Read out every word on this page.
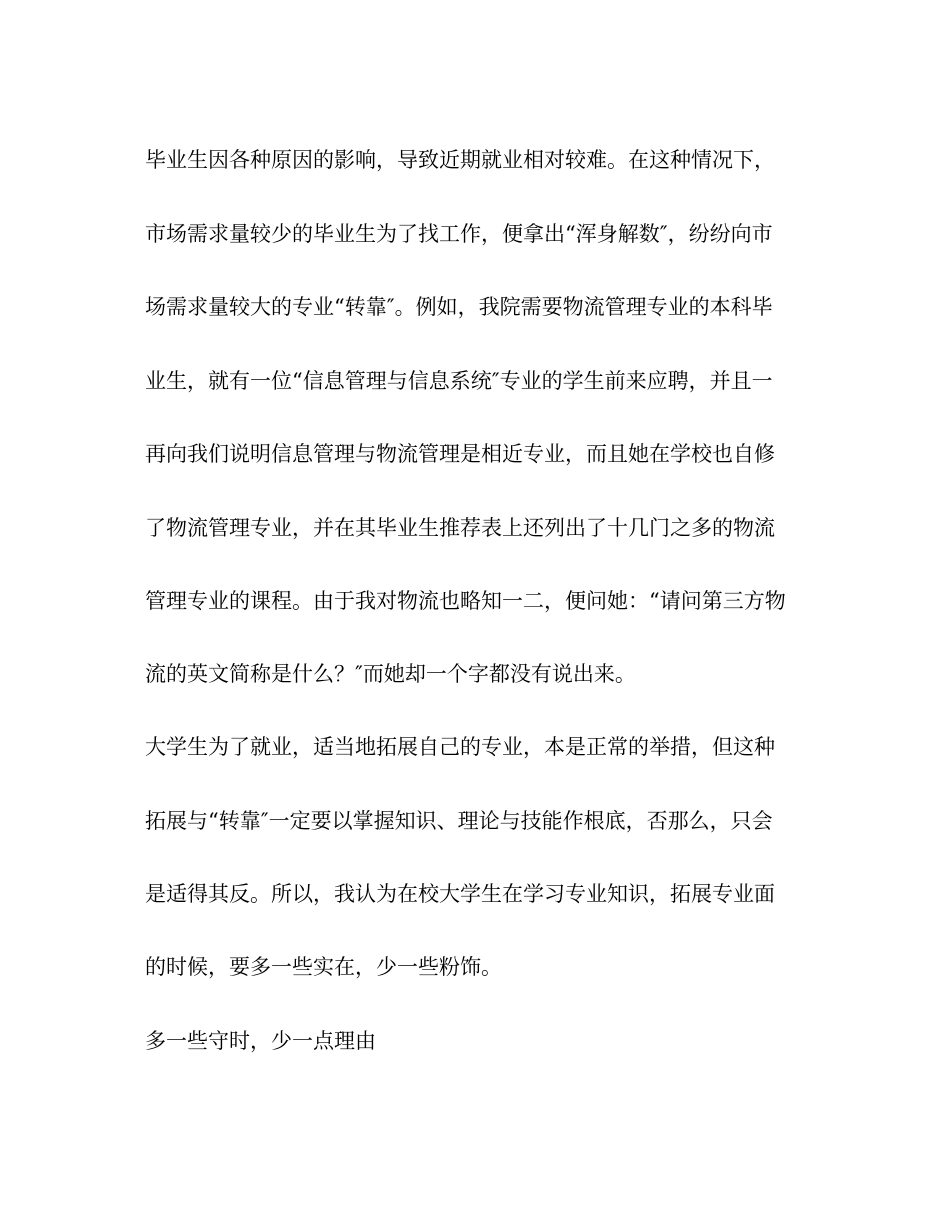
毕业生因各种原因的影响，导致近期就业相对较难。在这种情况下，
市场需求量较少的毕业生为了找工作，便拿出“浑身解数″，纷纷向市
场需求量较大的专业“转靠″。例如，我院需要物流管理专业的本科毕
业生，就有一位“信息管理与信息系统″专业的学生前来应聘，并且一
再向我们说明信息管理与物流管理是相近专业，而且她在学校也自修
了物流管理专业，并在其毕业生推荐表上还列出了十几门之多的物流
管理专业的课程。由于我对物流也略知一二，便问她：“请问第三方物
流的英文简称是什么？″而她却一个字都没有说出来。
大学生为了就业，适当地拓展自己的专业，本是正常的举措，但这种
拓展与“转靠″一定要以掌握知识、理论与技能作根底，否那么，只会
是适得其反。所以，我认为在校大学生在学习专业知识，拓展专业面
的时候，要多一些实在，少一些粉饰。
多一些守时，少一点理由
